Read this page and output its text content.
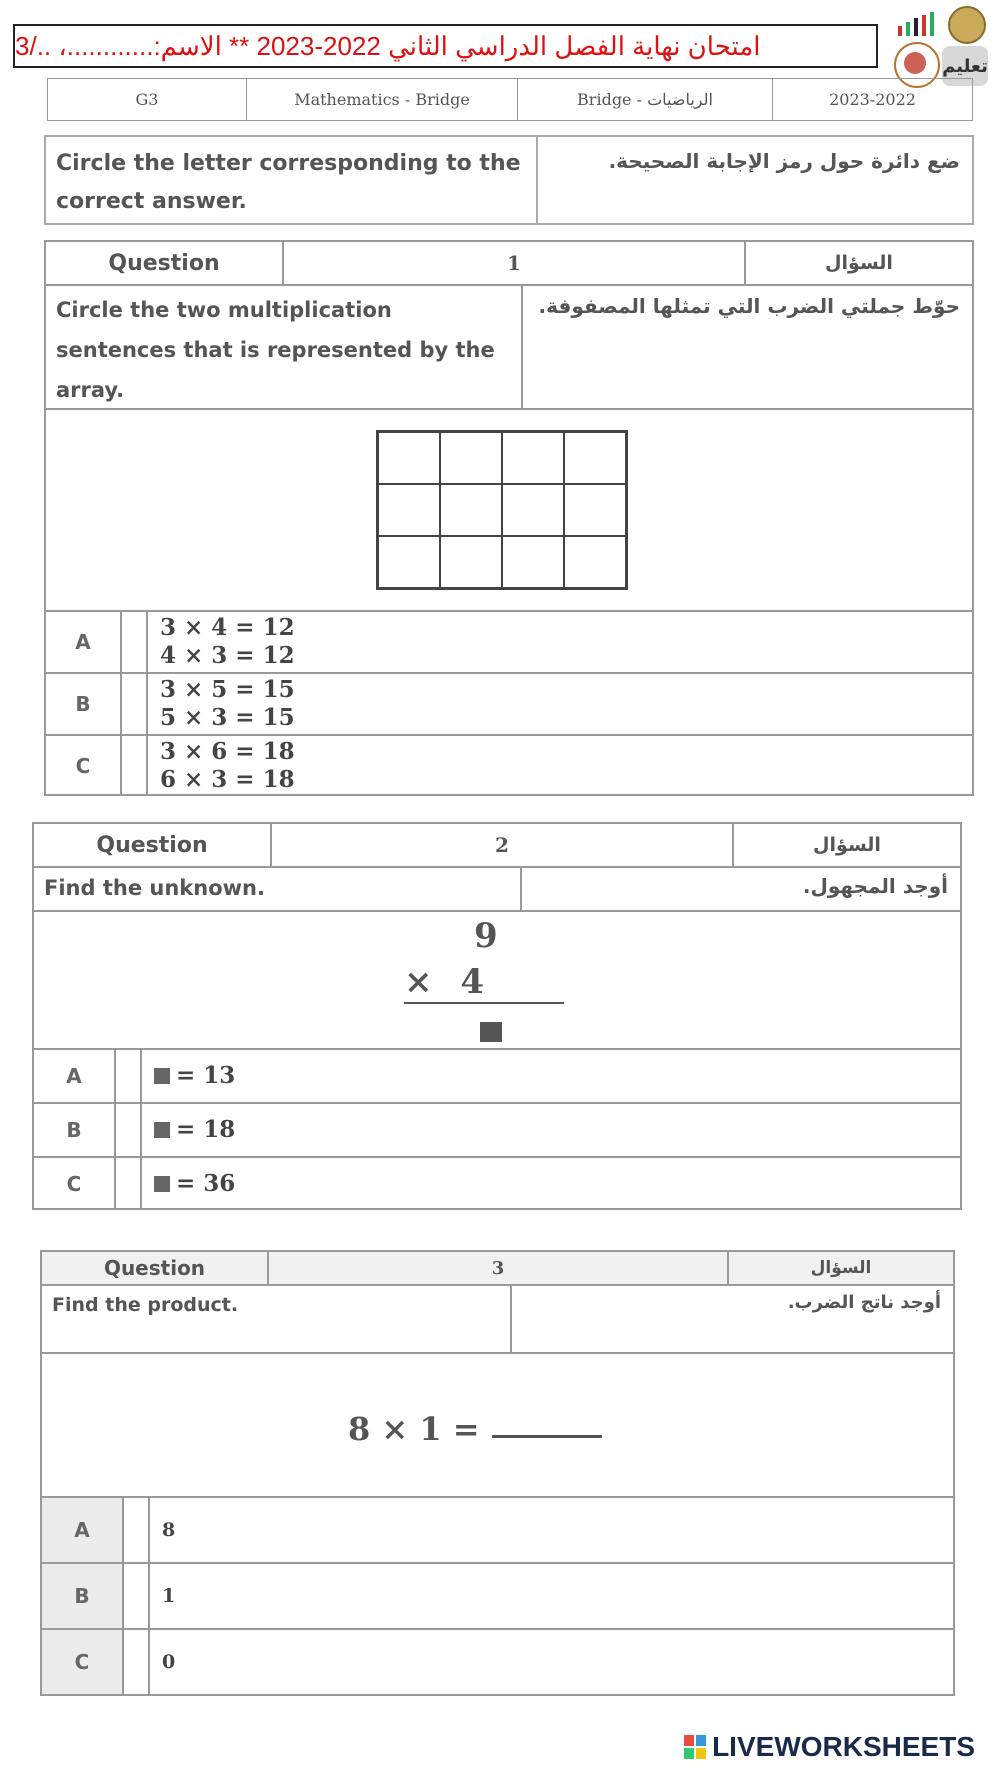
امتحان نهاية الفصل الدراسي الثاني 2022-2023 ** الاسم:............، ../3
تعليم
G3	Mathematics - Bridge	Bridge - الرياضيات	2023-2022
Circle the letter corresponding to the correct answer.
ضع دائرة حول رمز الإجابة الصحيحة.
Question	1	السؤال
Circle the two multiplication sentences that is represented by the array.
حوّط جملتي الضرب التي تمثلها المصفوفة.
A
3 × 4 = 12
4 × 3 = 12
B
3 × 5 = 15
5 × 3 = 15
C
3 × 6 = 18
6 × 3 = 18
Question	2	السؤال
Find the unknown.	أوجد المجهول.
9
× 4
A	= 13
B	= 18
C	= 36
Question	3	السؤال
Find the product.	أوجد ناتج الضرب.
8 × 1 =
A	8
B	1
C	0
LIVEWORKSHEETS
